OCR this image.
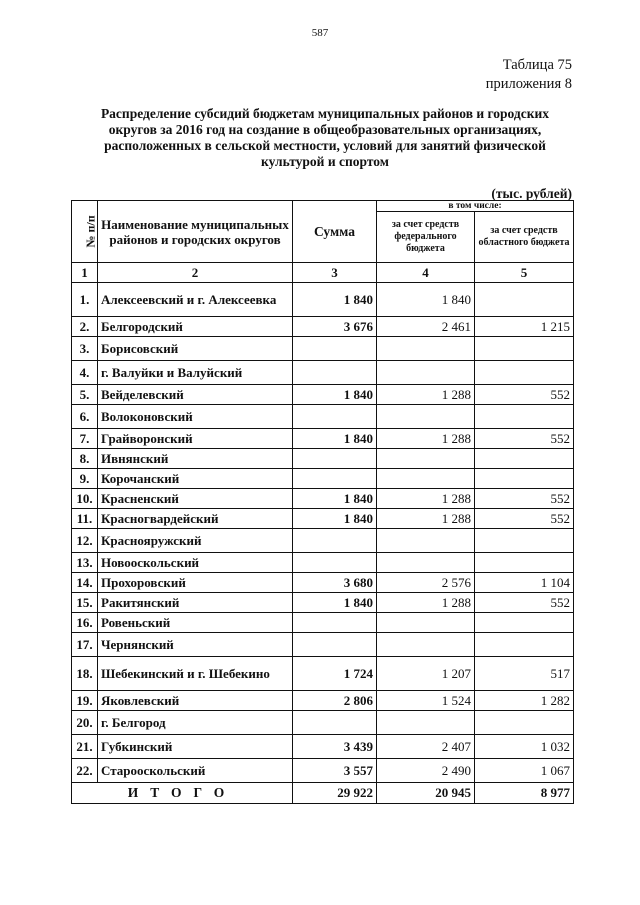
587
Таблица 75
приложения 8
Распределение субсидий бюджетам муниципальных районов и городских округов за 2016 год на создание в общеобразовательных организациях, расположенных в сельской местности, условий для занятий физической культурой и спортом
(тыс. рублей)
№ п/п	Наименование муниципальных районов и городских округов	Сумма	в том числе:	
			за счет средств федерального бюджета	за счет средств областного бюджета
1	2	3	4	5
1.	Алексеевский и г. Алексеевка	1 840	1 840	
2.	Белгородский	3 676	2 461	1 215
3.	Борисовский			
4.	г. Валуйки и Валуйский			
5.	Вейделевский	1 840	1 288	552
6.	Волоконовский			
7.	Грайворонский	1 840	1 288	552
8.	Ивнянский			
9.	Корочанский			
10.	Красненский	1 840	1 288	552
11.	Красногвардейский	1 840	1 288	552
12.	Краснояружский			
13.	Новооскольский			
14.	Прохоровский	3 680	2 576	1 104
15.	Ракитянский	1 840	1 288	552
16.	Ровеньский			
17.	Чернянский			
18.	Шебекинский и г. Шебекино	1 724	1 207	517
19.	Яковлевский	2 806	1 524	1 282
20.	г. Белгород			
21.	Губкинский	3 439	2 407	1 032
22.	Старооскольский	3 557	2 490	1 067
ИТОГО		29 922	20 945	8 977
